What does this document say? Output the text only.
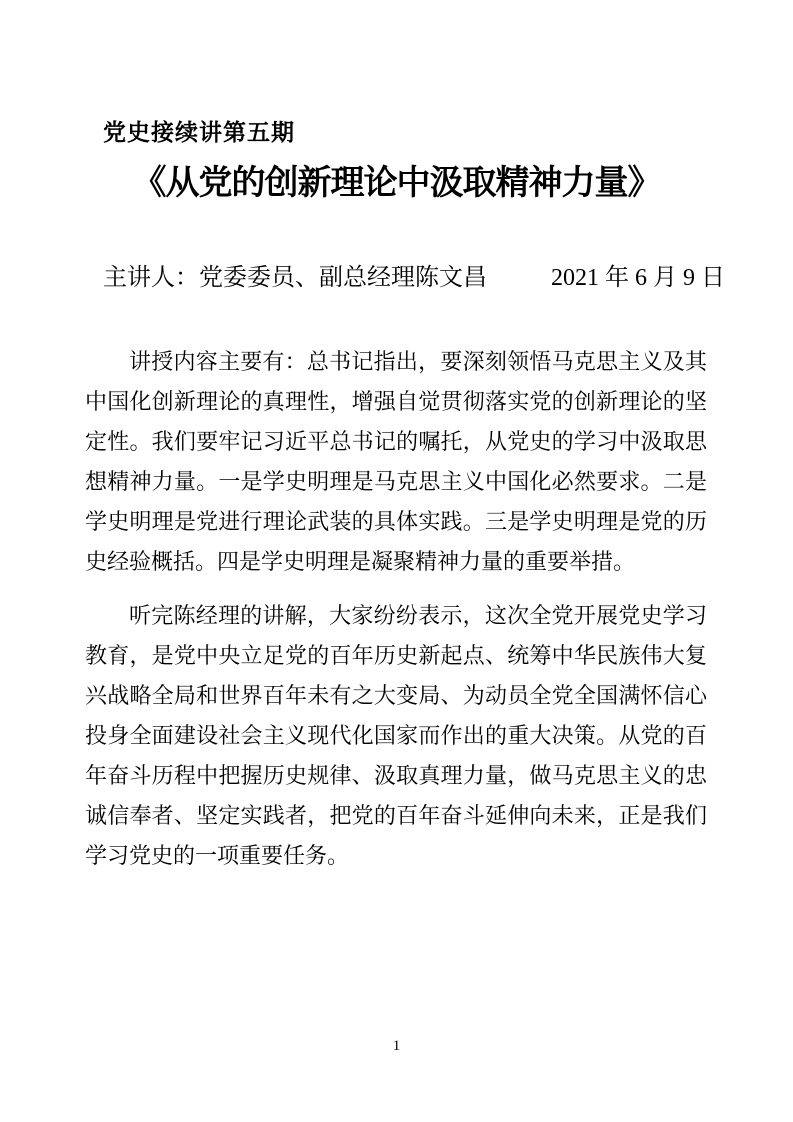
党史接续讲第五期
《从党的创新理论中汲取精神力量》
主讲人：党委委员、副总经理陈文昌	2021 年 6 月 9 日

讲授内容主要有：总书记指出，要深刻领悟马克思主义及其中国化创新理论的真理性，增强自觉贯彻落实党的创新理论的坚定性。我们要牢记习近平总书记的嘱托，从党史的学习中汲取思想精神力量。一是学史明理是马克思主义中国化必然要求。二是学史明理是党进行理论武装的具体实践。三是学史明理是党的历史经验概括。四是学史明理是凝聚精神力量的重要举措。

听完陈经理的讲解，大家纷纷表示，这次全党开展党史学习教育，是党中央立足党的百年历史新起点、统筹中华民族伟大复兴战略全局和世界百年未有之大变局、为动员全党全国满怀信心投身全面建设社会主义现代化国家而作出的重大决策。从党的百年奋斗历程中把握历史规律、汲取真理力量，做马克思主义的忠诚信奉者、坚定实践者，把党的百年奋斗延伸向未来，正是我们学习党史的一项重要任务。

1
